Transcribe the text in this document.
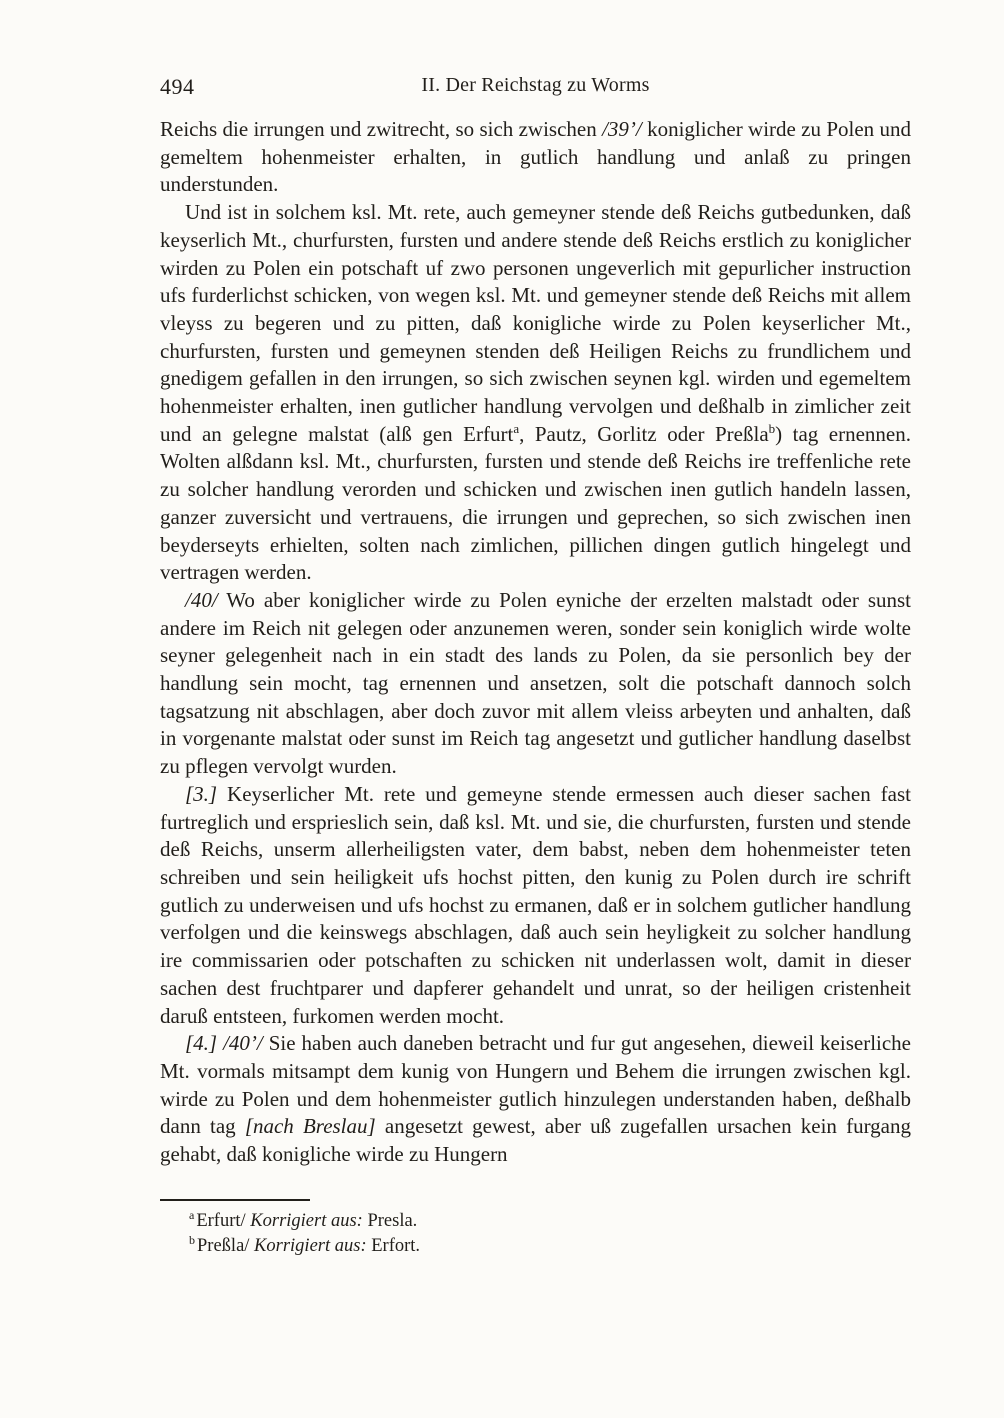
494	II. Der Reichstag zu Worms

Reichs die irrungen und zwitrecht, so sich zwischen /39’/ koniglicher wirde zu Polen und gemeltem hohenmeister erhalten, in gutlich handlung und anlaß zu pringen understunden.

Und ist in solchem ksl. Mt. rete, auch gemeyner stende deß Reichs gutbedunken, daß keyserlich Mt., churfursten, fursten und andere stende deß Reichs erstlich zu koniglicher wirden zu Polen ein potschaft uf zwo personen ungeverlich mit gepurlicher instruction ufs furderlichst schicken, von wegen ksl. Mt. und gemeyner stende deß Reichs mit allem vleyss zu begeren und zu pitten, daß konigliche wirde zu Polen keyserlicher Mt., churfursten, fursten und gemeynen stenden deß Heiligen Reichs zu frundlichem und gnedigem gefallen in den irrungen, so sich zwischen seynen kgl. wirden und egemeltem hohenmeister erhalten, inen gutlicher handlung vervolgen und deßhalb in zimlicher zeit und an gelegne malstat (alß gen Erfurt$^a$, Pautz, Gorlitz oder Preßla$^b$) tag ernennen. Wolten alßdann ksl. Mt., churfursten, fursten und stende deß Reichs ire treffenliche rete zu solcher handlung verorden und schicken und zwischen inen gutlich handeln lassen, ganzer zuversicht und vertrauens, die irrungen und geprechen, so sich zwischen inen beyderseyts erhielten, solten nach zimlichen, pillichen dingen gutlich hingelegt und vertragen werden.

/40/ Wo aber koniglicher wirde zu Polen eyniche der erzelten malstadt oder sunst andere im Reich nit gelegen oder anzunemen weren, sonder sein koniglich wirde wolte seyner gelegenheit nach in ein stadt des lands zu Polen, da sie personlich bey der handlung sein mocht, tag ernennen und ansetzen, solt die potschaft dannoch solch tagsatzung nit abschlagen, aber doch zuvor mit allem vleiss arbeyten und anhalten, daß in vorgenante malstat oder sunst im Reich tag angesetzt und gutlicher handlung daselbst zu pflegen vervolgt wurden.

[3.] Keyserlicher Mt. rete und gemeyne stende ermessen auch dieser sachen fast furtreglich und ersprieslich sein, daß ksl. Mt. und sie, die churfursten, fursten und stende deß Reichs, unserm allerheiligsten vater, dem babst, neben dem hohenmeister teten schreiben und sein heiligkeit ufs hochst pitten, den kunig zu Polen durch ire schrift gutlich zu underweisen und ufs hochst zu ermanen, daß er in solchem gutlicher handlung verfolgen und die keinswegs abschlagen, daß auch sein heyligkeit zu solcher handlung ire commissarien oder potschaften zu schicken nit underlassen wolt, damit in dieser sachen dest fruchtparer und dapferer gehandelt und unrat, so der heiligen cristenheit daruß entsteen, furkomen werden mocht.

[4.] /40’/ Sie haben auch daneben betracht und fur gut angesehen, dieweil keiserliche Mt. vormals mitsampt dem kunig von Hungern und Behem die irrungen zwischen kgl. wirde zu Polen und dem hohenmeister gutlich hinzulegen understanden haben, deßhalb dann tag [nach Breslau] angesetzt gewest, aber uß zugefallen ursachen kein furgang gehabt, daß konigliche wirde zu Hungern

$^a$ Erfurt/ Korrigiert aus: Presla.

$^b$ Preßla/ Korrigiert aus: Erfort.
